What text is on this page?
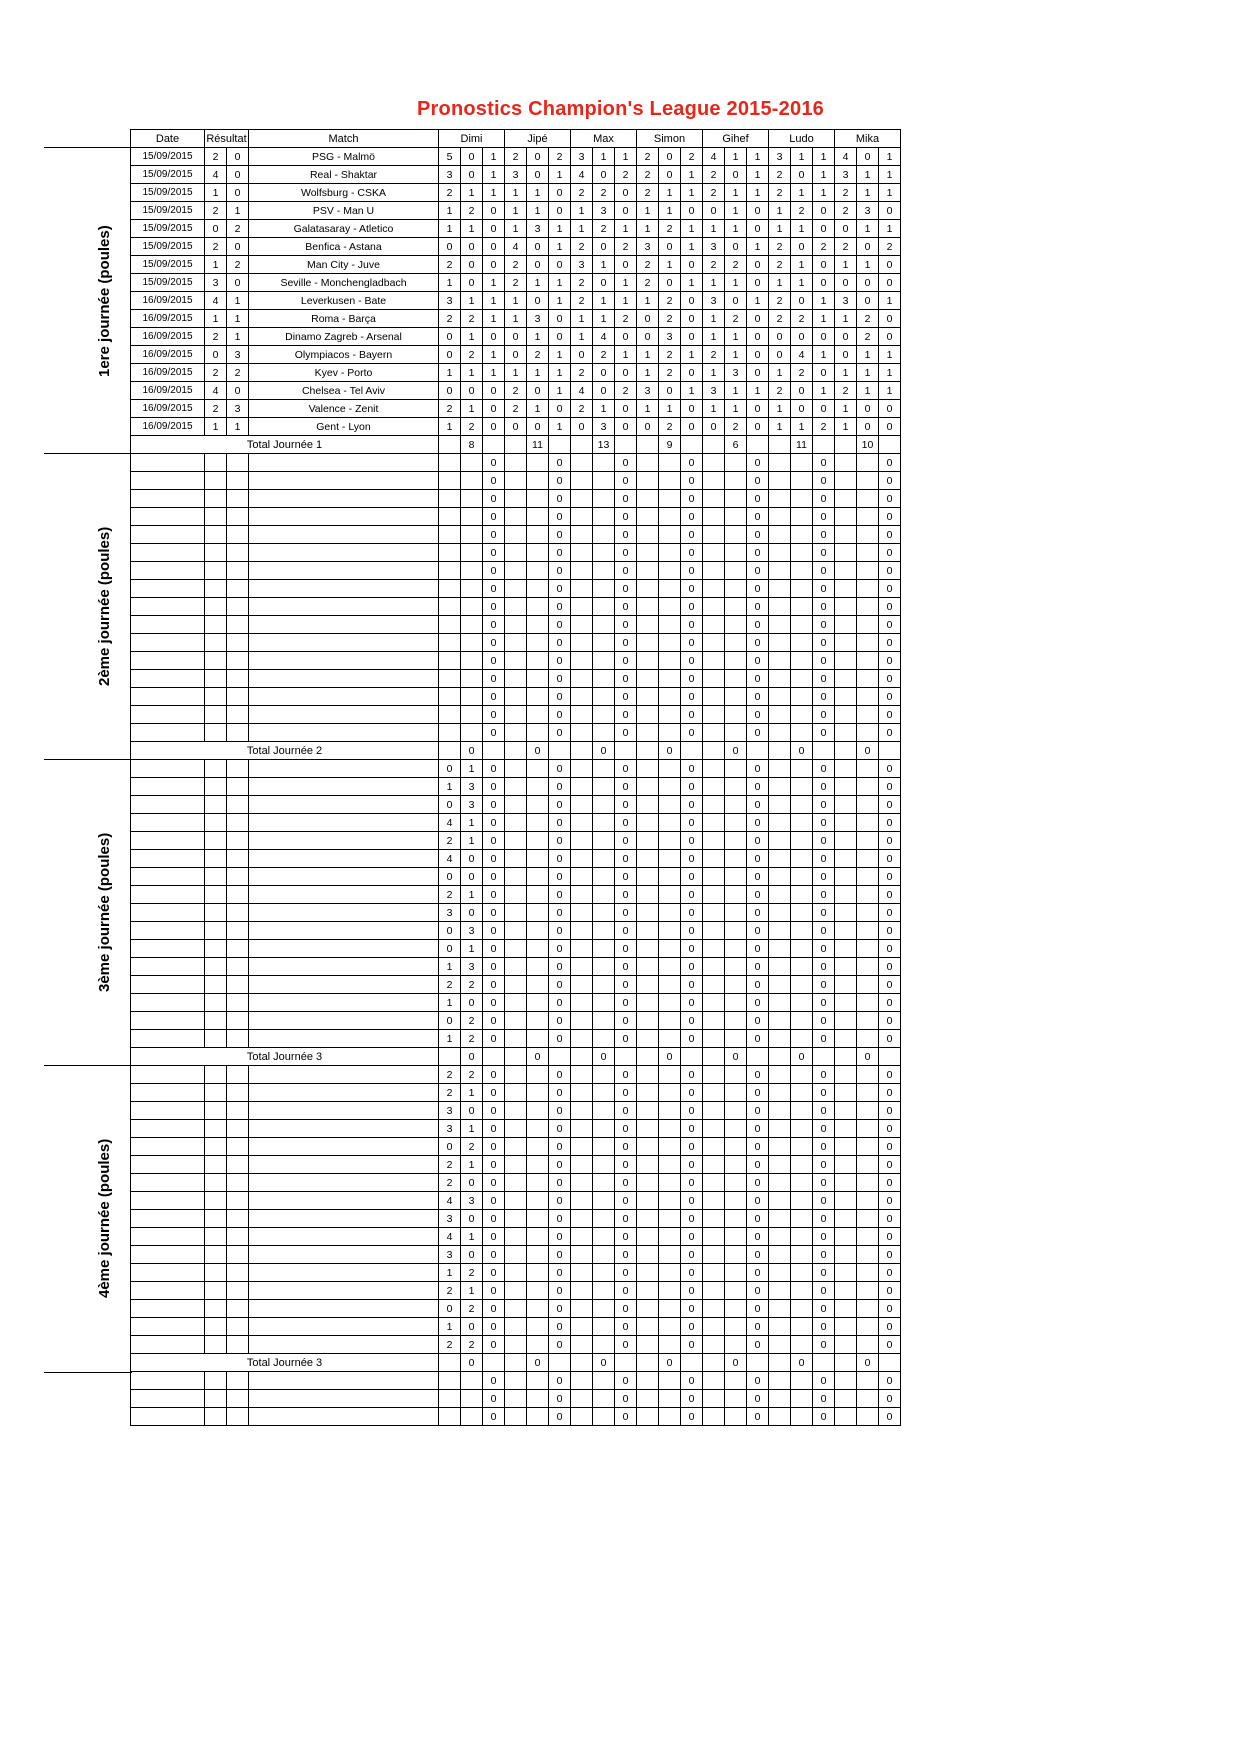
Pronostics Champion's League 2015-2016
Date	Résultat		Match	Dimi			Jipé			Max			Simon			Gihef			Ludo			Mika		
15/09/2015	2	0	PSG - Malmö	5	0	1	2	0	2	3	1	1	2	0	2	4	1	1	3	1	1	4	0	1
15/09/2015	4	0	Real - Shaktar	3	0	1	3	0	1	4	0	2	2	0	1	2	0	1	2	0	1	3	1	1
15/09/2015	1	0	Wolfsburg - CSKA	2	1	1	1	1	0	2	2	0	2	1	1	2	1	1	2	1	1	2	1	1
15/09/2015	2	1	PSV - Man U	1	2	0	1	1	0	1	3	0	1	1	0	0	1	0	1	2	0	2	3	0
15/09/2015	0	2	Galatasaray - Atletico	1	1	0	1	3	1	1	2	1	1	2	1	1	1	0	1	1	0	0	1	1
15/09/2015	2	0	Benfica - Astana	0	0	0	4	0	1	2	0	2	3	0	1	3	0	1	2	0	2	2	0	2
15/09/2015	1	2	Man City - Juve	2	0	0	2	0	0	3	1	0	2	1	0	2	2	0	2	1	0	1	1	0
15/09/2015	3	0	Seville - Monchengladbach	1	0	1	2	1	1	2	0	1	2	0	1	1	1	0	1	1	0	0	0	0
16/09/2015	4	1	Leverkusen - Bate	3	1	1	1	0	1	2	1	1	1	2	0	3	0	1	2	0	1	3	0	1
16/09/2015	1	1	Roma - Barça	2	2	1	1	3	0	1	1	2	0	2	0	1	2	0	2	2	1	1	2	0
16/09/2015	2	1	Dinamo Zagreb - Arsenal	0	1	0	0	1	0	1	4	0	0	3	0	1	1	0	0	0	0	0	2	0
16/09/2015	0	3	Olympiacos - Bayern	0	2	1	0	2	1	0	2	1	1	2	1	2	1	0	0	4	1	0	1	1
16/09/2015	2	2	Kyev - Porto	1	1	1	1	1	1	2	0	0	1	2	0	1	3	0	1	2	0	1	1	1
16/09/2015	4	0	Chelsea - Tel Aviv	0	0	0	2	0	1	4	0	2	3	0	1	3	1	1	2	0	1	2	1	1
16/09/2015	2	3	Valence - Zenit	2	1	0	2	1	0	2	1	0	1	1	0	1	1	0	1	0	0	1	0	0
16/09/2015	1	1	Gent - Lyon	1	2	0	0	0	1	0	3	0	0	2	0	0	2	0	1	1	2	1	0	0
Total Journée 1					8			11			13			9			6			11			10	
						0			0			0			0			0			0			0
						0			0			0			0			0			0			0
						0			0			0			0			0			0			0
						0			0			0			0			0			0			0
						0			0			0			0			0			0			0
						0			0			0			0			0			0			0
						0			0			0			0			0			0			0
						0			0			0			0			0			0			0
						0			0			0			0			0			0			0
						0			0			0			0			0			0			0
						0			0			0			0			0			0			0
						0			0			0			0			0			0			0
						0			0			0			0			0			0			0
						0			0			0			0			0			0			0
						0			0			0			0			0			0			0
						0			0			0			0			0			0			0
Total Journée 2					0			0			0			0			0			0			0	
				0	1	0			0			0			0			0			0			0
				1	3	0			0			0			0			0			0			0
				0	3	0			0			0			0			0			0			0
				4	1	0			0			0			0			0			0			0
				2	1	0			0			0			0			0			0			0
				4	0	0			0			0			0			0			0			0
				0	0	0			0			0			0			0			0			0
				2	1	0			0			0			0			0			0			0
				3	0	0			0			0			0			0			0			0
				0	3	0			0			0			0			0			0			0
				0	1	0			0			0			0			0			0			0
				1	3	0			0			0			0			0			0			0
				2	2	0			0			0			0			0			0			0
				1	0	0			0			0			0			0			0			0
				0	2	0			0			0			0			0			0			0
				1	2	0			0			0			0			0			0			0
Total Journée 3					0			0			0			0			0			0			0	
				2	2	0			0			0			0			0			0			0
				2	1	0			0			0			0			0			0			0
				3	0	0			0			0			0			0			0			0
				3	1	0			0			0			0			0			0			0
				0	2	0			0			0			0			0			0			0
				2	1	0			0			0			0			0			0			0
				2	0	0			0			0			0			0			0			0
				4	3	0			0			0			0			0			0			0
				3	0	0			0			0			0			0			0			0
				4	1	0			0			0			0			0			0			0
				3	0	0			0			0			0			0			0			0
				1	2	0			0			0			0			0			0			0
				2	1	0			0			0			0			0			0			0
				0	2	0			0			0			0			0			0			0
				1	0	0			0			0			0			0			0			0
				2	2	0			0			0			0			0			0			0
Total Journée 3					0			0			0			0			0			0			0	
						0			0			0			0			0			0			0
						0			0			0			0			0			0			0
						0			0			0			0			0			0			0
1ere journée (poules)
2ème journée (poules)
3ème journée (poules)
4ème journée (poules)
